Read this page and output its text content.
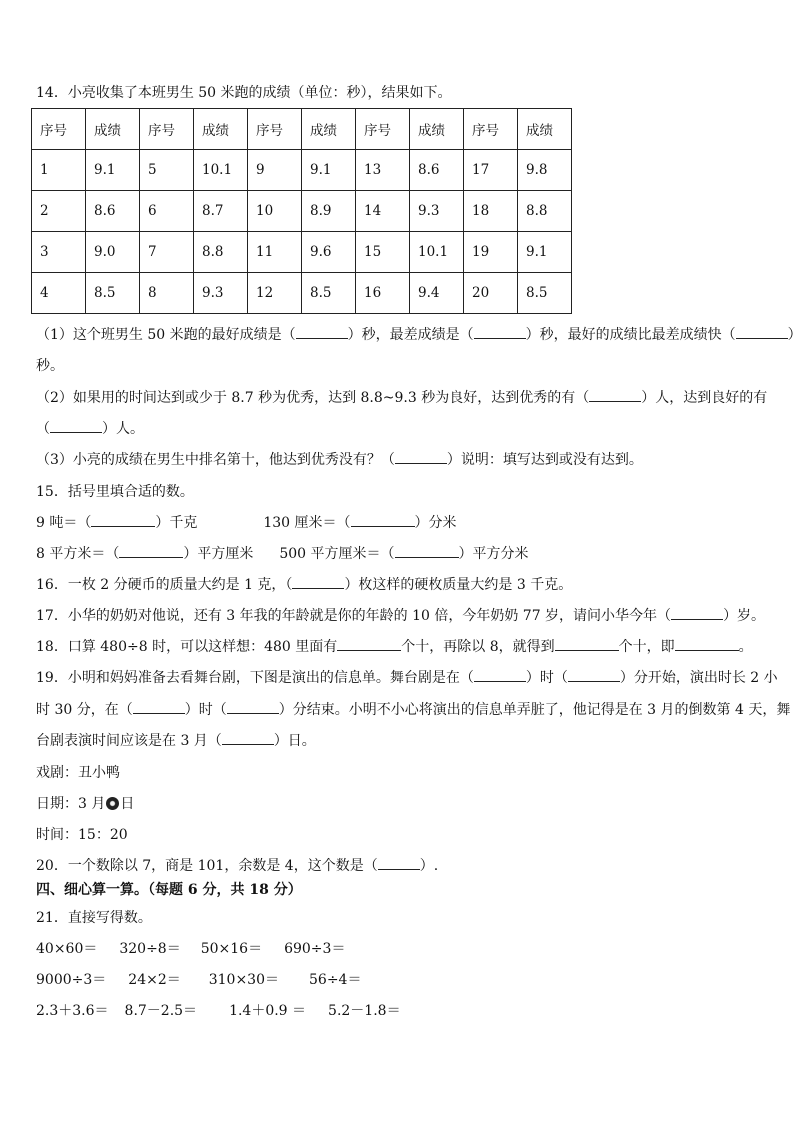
14．小亮收集了本班男生 50 米跑的成绩（单位：秒），结果如下。
序号	成绩	序号	成绩	序号	成绩	序号	成绩	序号	成绩
1	9.1	5	10.1	9	9.1	13	8.6	17	9.8
2	8.6	6	8.7	10	8.9	14	9.3	18	8.8
3	9.0	7	8.8	11	9.6	15	10.1	19	9.1
4	8.5	8	9.3	12	8.5	16	9.4	20	8.5
（1）这个班男生 50 米跑的最好成绩是（	）秒，最差成绩是（	）秒，最好的成绩比最差成绩快（	）
秒。
（2）如果用的时间达到或少于 8.7 秒为优秀，达到 8.8~9.3 秒为良好，达到优秀的有（	）人，达到良好的有
（	）人。
（3）小亮的成绩在男生中排名第十，他达到优秀没有？（	）说明：填写达到或没有达到。
15．括号里填合适的数。
9 吨＝（	）千克	130 厘米＝（	）分米
8 平方米＝（	）平方厘米 500 平方厘米＝（	）平方分米
16．一枚 2 分硬币的质量大约是 1 克，（	）枚这样的硬枚质量大约是 3 千克。
17．小华的奶奶对他说，还有 3 年我的年龄就是你的年龄的 10 倍，今年奶奶 77 岁，请问小华今年（	）岁。
18．口算 480÷8 时，可以这样想：480 里面有	个十，再除以 8，就得到	个十，即	。
19．小明和妈妈准备去看舞台剧，下图是演出的信息单。舞台剧是在（	）时（	）分开始，演出时长 2 小
时 30 分，在（	）时（	）分结束。小明不小心将演出的信息单弄脏了，他记得是在 3 月的倒数第 4 天，舞
台剧表演时间应该是在 3 月（	）日。
戏剧：丑小鸭
日期：3 月 日
时间：15：20
20．一个数除以 7，商是 101，余数是 4，这个数是（	）.
四、细心算一算。（每题 6 分，共 18 分）
21．直接写得数。
40×60＝ 320÷8＝ 50×16＝ 690÷3＝
9000÷3＝ 24×2＝ 310×30＝ 56÷4＝
2.3＋3.6＝ 8.7－2.5＝ 1.4＋0.9 ＝ 5.2－1.8＝
